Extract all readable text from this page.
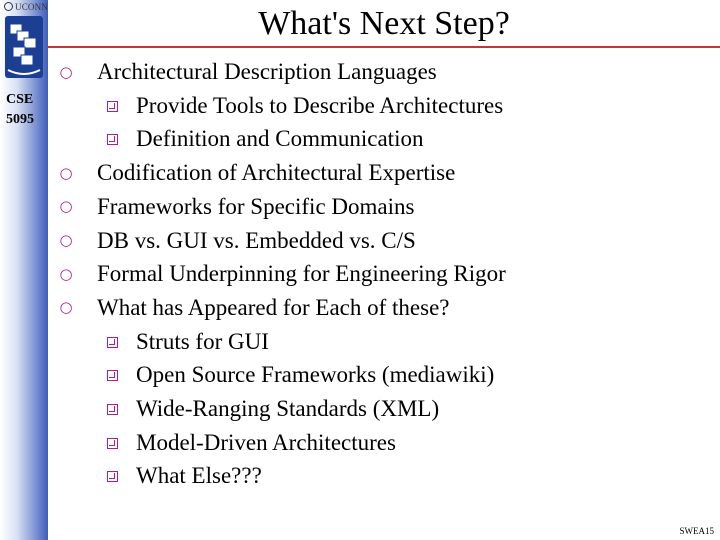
UCONN
CSE
5095
What's Next Step?
○ Architectural Description Languages
Provide Tools to Describe Architectures
Definition and Communication
○ Codification of Architectural Expertise
○ Frameworks for Specific Domains
○ DB vs. GUI vs. Embedded vs. C/S
○ Formal Underpinning for Engineering Rigor
○ What has Appeared for Each of these?
Struts for GUI
Open Source Frameworks (mediawiki)
Wide-Ranging Standards (XML)
Model-Driven Architectures
What Else???
SWEA15
